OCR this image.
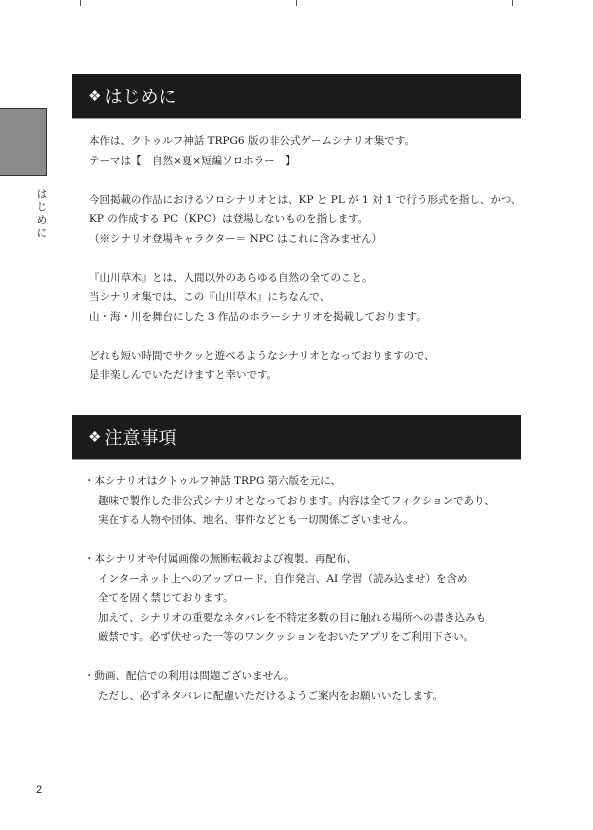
はじめに
❖ はじめに

本作は、クトゥルフ神話 TRPG6 版の非公式ゲームシナリオ集です。

テーマは【　自然×夏×短編ソロホラー　】

今回掲載の作品におけるソロシナリオとは、KP と PL が 1 対 1 で行う形式を指し、かつ、

KP の作成する PC（KPC）は登場しないものを指します。

（※シナリオ登場キャラクター＝ NPC はこれに含みません）

『山川草木』とは、人間以外のあらゆる自然の全てのこと。

当シナリオ集では、この『山川草木』にちなんで、

山・海・川を舞台にした 3 作品のホラーシナリオを掲載しております。

どれも短い時間でサクッと遊べるようなシナリオとなっておりますので、

是非楽しんでいただけますと幸いです。

❖ 注意事項

・本シナリオはクトゥルフ神話 TRPG 第六版を元に、

趣味で製作した非公式シナリオとなっております。内容は全てフィクションであり、

実在する人物や団体、地名、事件などとも一切関係ございません。

・本シナリオや付属画像の無断転載および複製、再配布、

インターネット上へのアップロード、自作発言、AI 学習（読み込ませ）を含め

全てを固く禁じております。

加えて、シナリオの重要なネタバレを不特定多数の目に触れる場所への書き込みも

厳禁です。必ず伏せった一等のワンクッションをおいたアプリをご利用下さい。

・動画、配信での利用は問題ございません。

ただし、必ずネタバレに配慮いただけるようご案内をお願いいたします。

2
